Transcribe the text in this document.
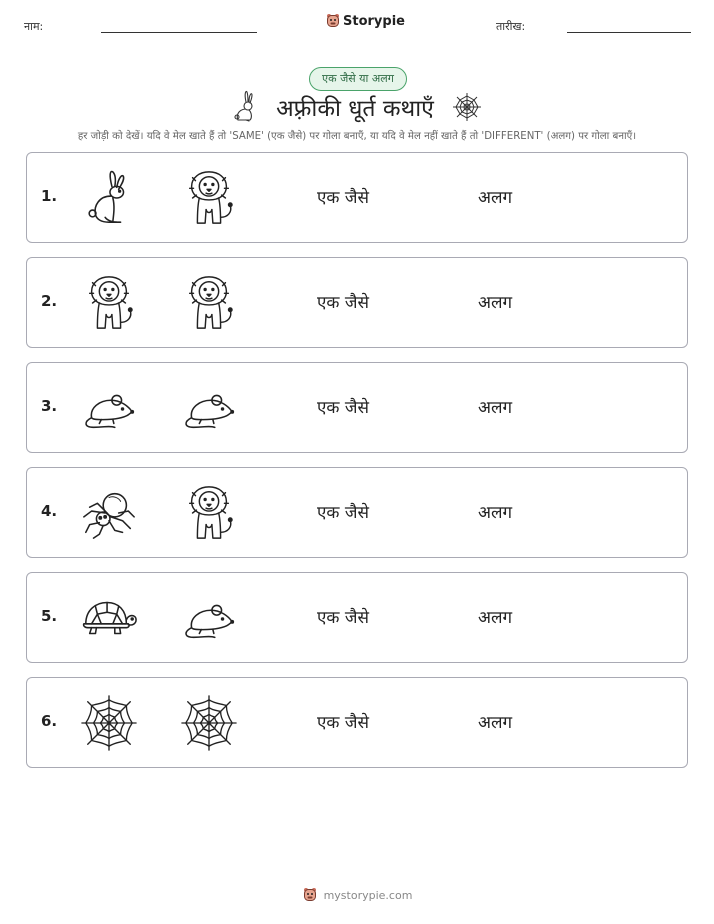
नाम:	Storypie	तारीख:
एक जैसे या अलग
अफ़्रीकी धूर्त कथाएँ
हर जोड़ी को देखें। यदि वे मेल खाते हैं तो 'SAME' (एक जैसे) पर गोला बनाएँ, या यदि वे मेल नहीं खाते हैं तो 'DIFFERENT' (अलग) पर गोला बनाएँ।
1.	एक जैसे	अलग
2.	एक जैसे	अलग
3.	एक जैसे	अलग
4.	एक जैसे	अलग
5.	एक जैसे	अलग
6.	एक जैसे	अलग
mystorypie.com
